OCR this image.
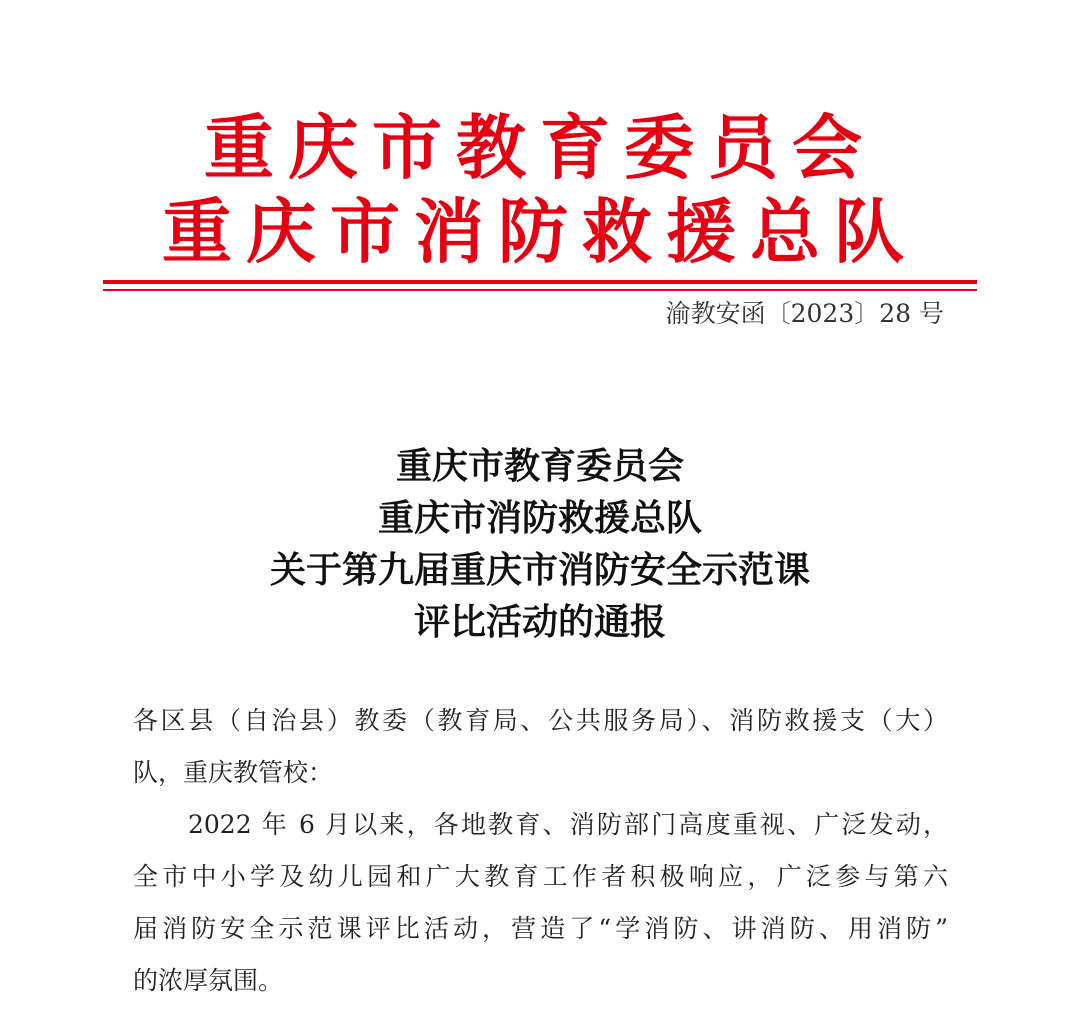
重庆市教育委员会
重庆市消防救援总队
渝教安函〔2023〕28 号
重庆市教育委员会
重庆市消防救援总队
关于第九届重庆市消防安全示范课
评比活动的通报
各区县（自治县）教委（教育局、公共服务局）、消防救援支（大）
队，重庆教管校：
2022 年 6 月以来，各地教育、消防部门高度重视、广泛发动，
全市中小学及幼儿园和广大教育工作者积极响应，广泛参与第六
届消防安全示范课评比活动，营造了“学消防、讲消防、用消防”
的浓厚氛围。
